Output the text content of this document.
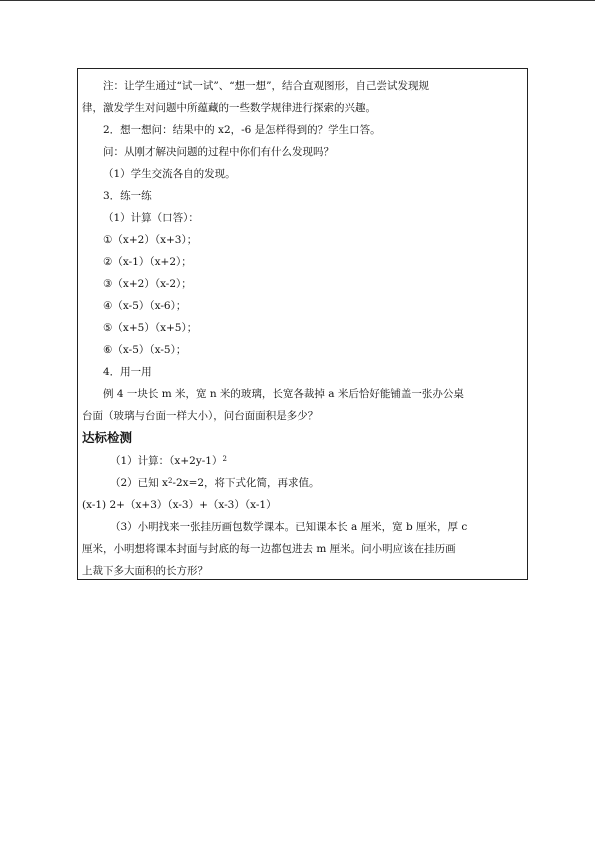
注：让学生通过“试一试”、“想一想”，结合直观图形，自己尝试发现规
律，激发学生对问题中所蕴藏的一些数学规律进行探索的兴趣。
2．想一想问：结果中的 x2，-6 是怎样得到的？学生口答。
问：从刚才解决问题的过程中你们有什么发现吗？
（1）学生交流各自的发现。
3．练一练
（1）计算（口答）：
①（x+2）（x+3）；
②（x-1）（x+2）；
③（x+2）（x-2）；
④（x-5）（x-6）；
⑤（x+5）（x+5）；
⑥（x-5）（x-5）；
4．用一用
例 4 一块长 m 米，宽 n 米的玻璃，长宽各裁掉 a 米后恰好能铺盖一张办公桌
台面（玻璃与台面一样大小），问台面面积是多少？
达标检测
（1）计算：$(x+2y-1)^2$
（2）已知 $x^2-2x=2$，将下式化简，再求值。
(x-1) 2+（x+3）（x-3）+（x-3）（x-1）
（3）小明找来一张挂历画包数学课本。已知课本长 a 厘米，宽 b 厘米，厚 c
厘米，小明想将课本封面与封底的每一边都包进去 m 厘米。问小明应该在挂历画
上裁下多大面积的长方形？
